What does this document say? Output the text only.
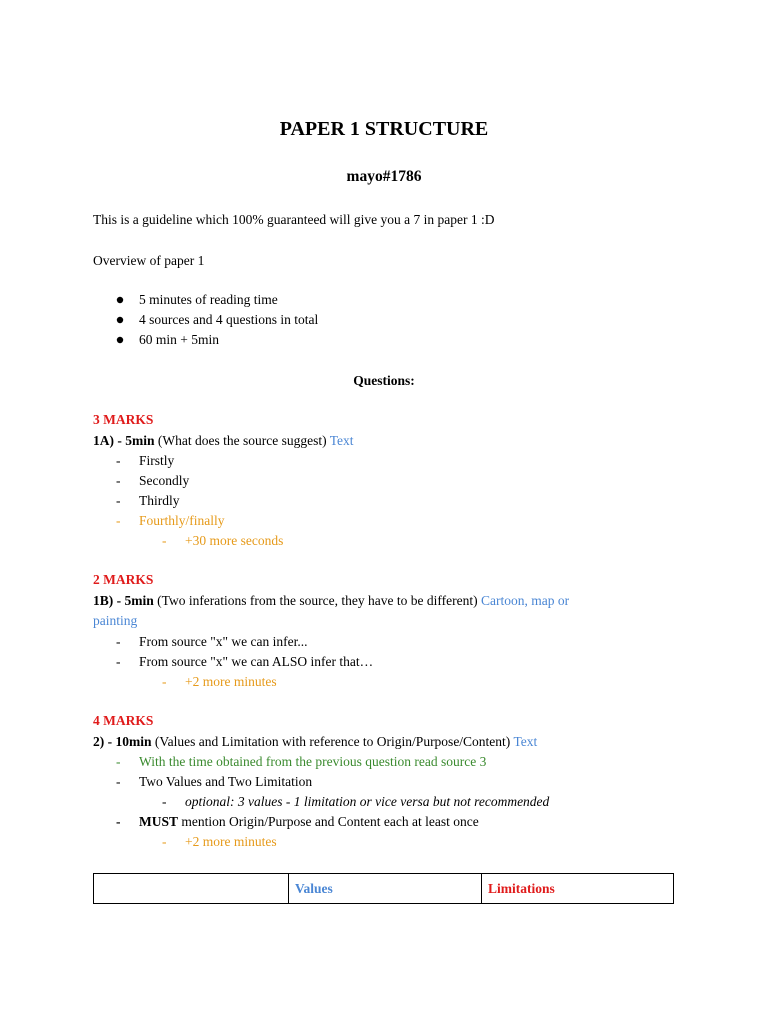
PAPER 1 STRUCTURE
mayo#1786
This is a guideline which 100% guaranteed will give you a 7 in paper 1 :D
Overview of paper 1
5 minutes of reading time
4 sources and 4 questions in total
60 min + 5min
Questions:
3 MARKS
1A) - 5min (What does the source suggest) Text
- Firstly
- Secondly
- Thirdly
- Fourthly/finally
- +30 more seconds
2 MARKS
1B) - 5min (Two inferations from the source, they have to be different) Cartoon, map or
painting
- From source "x" we can infer...
- From source "x" we can ALSO infer that…
- +2 more minutes
4 MARKS
2) - 10min (Values and Limitation with reference to Origin/Purpose/Content) Text
- With the time obtained from the previous question read source 3
- Two Values and Two Limitation
- optional: 3 values - 1 limitation or vice versa but not recommended
- MUST mention Origin/Purpose and Content each at least once
- +2 more minutes
	Values	Limitations
